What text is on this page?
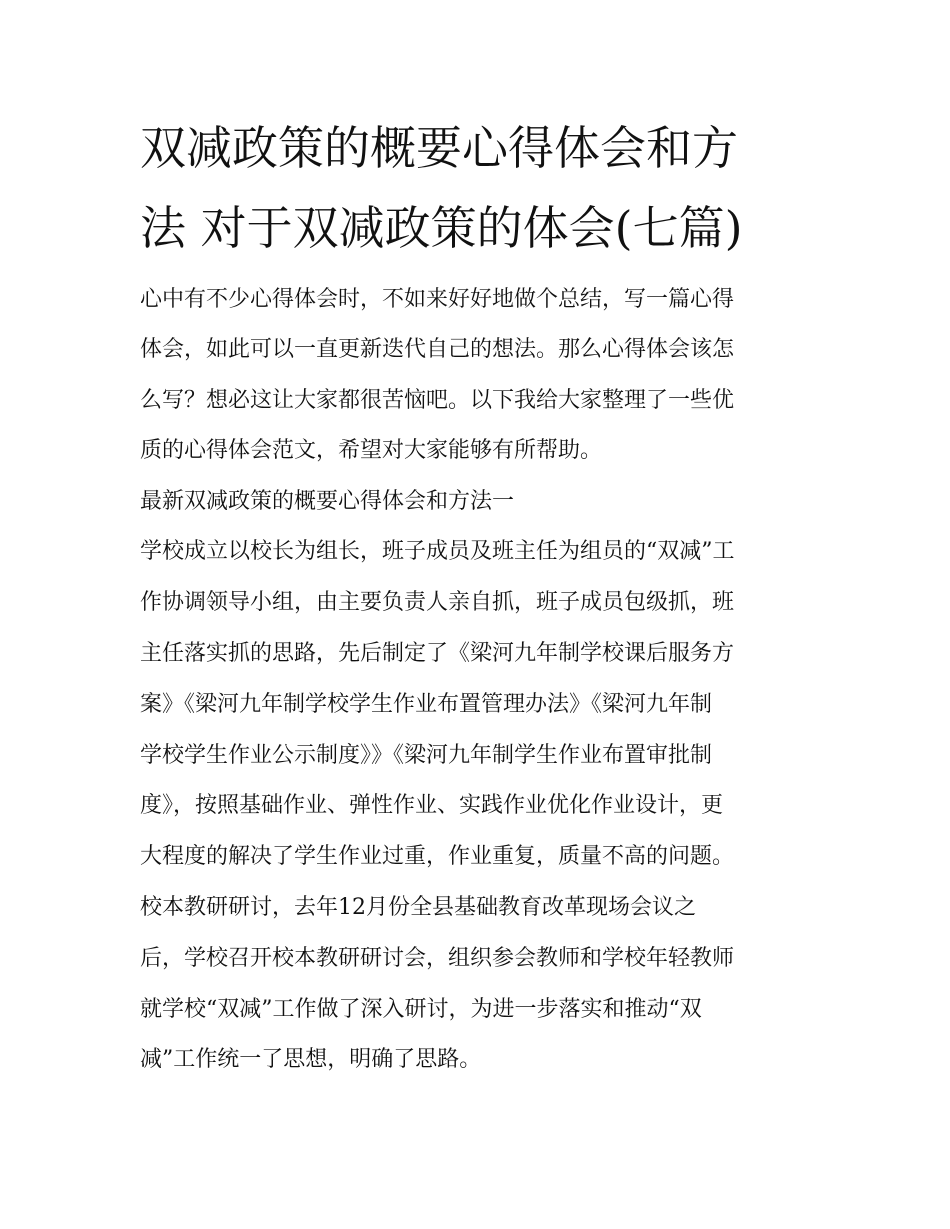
双减政策的概要心得体会和方
法 对于双减政策的体会(七篇)

心中有不少心得体会时，不如来好好地做个总结，写一篇心得

体会，如此可以一直更新迭代自己的想法。那么心得体会该怎

么写？想必这让大家都很苦恼吧。以下我给大家整理了一些优

质的心得体会范文，希望对大家能够有所帮助。

最新双减政策的概要心得体会和方法一

学校成立以校长为组长，班子成员及班主任为组员的“双减”工

作协调领导小组，由主要负责人亲自抓，班子成员包级抓，班

主任落实抓的思路，先后制定了《梁河九年制学校课后服务方

案》《梁河九年制学校学生作业布置管理办法》《梁河九年制

学校学生作业公示制度》》《梁河九年制学生作业布置审批制

度》，按照基础作业、弹性作业、实践作业优化作业设计，更

大程度的解决了学生作业过重，作业重复，质量不高的问题。

校本教研研讨，去年12月份全县基础教育改革现场会议之

后，学校召开校本教研研讨会，组织参会教师和学校年轻教师

就学校“双减”工作做了深入研讨，为进一步落实和推动“双

减”工作统一了思想，明确了思路。
